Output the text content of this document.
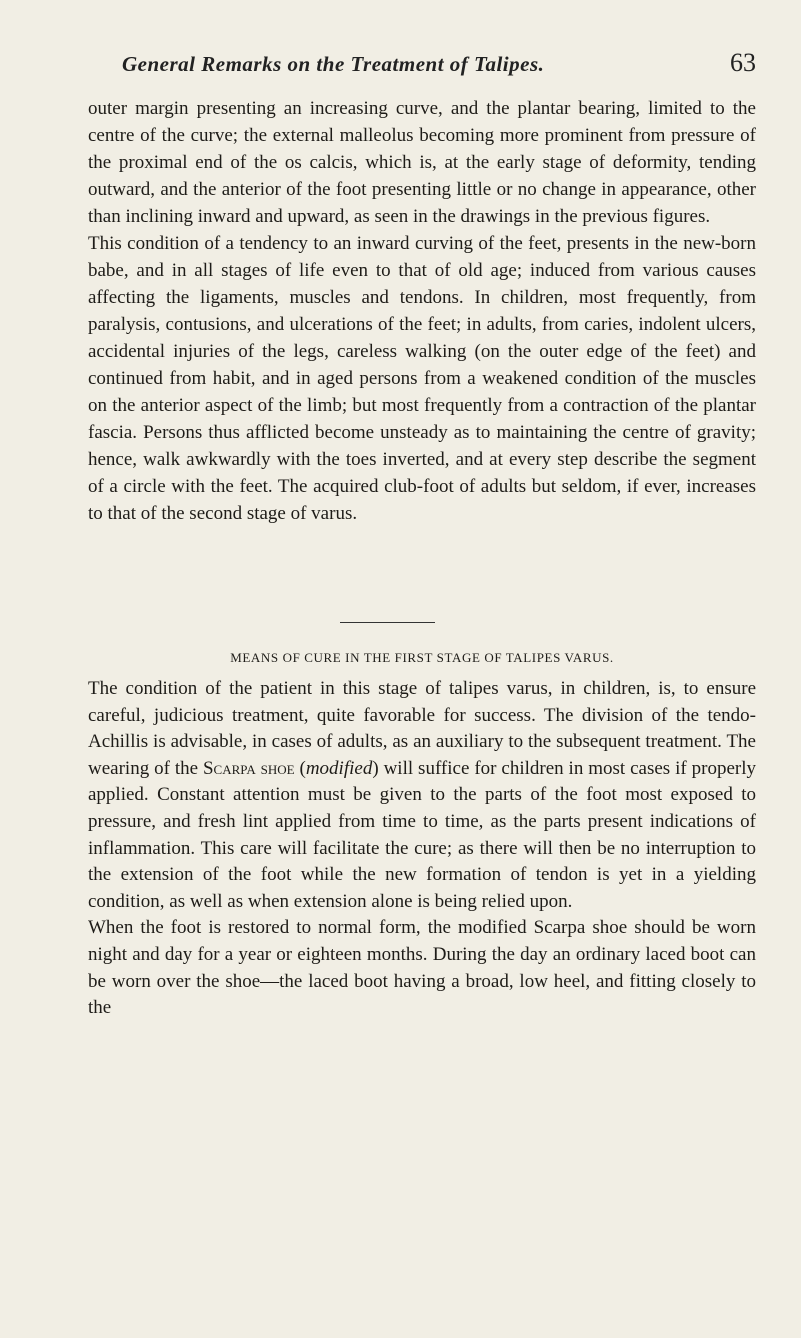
General Remarks on the Treatment of Talipes.	63

outer margin presenting an increasing curve, and the plantar bearing, limited to the centre of the curve; the external malleolus becoming more prominent from pressure of the proximal end of the os calcis, which is, at the early stage of deformity, tending outward, and the anterior of the foot presenting little or no change in appearance, other than inclining inward and upward, as seen in the drawings in the previous figures.

This condition of a tendency to an inward curving of the feet, presents in the new-born babe, and in all stages of life even to that of old age; induced from various causes affecting the ligaments, muscles and tendons. In children, most frequently, from paralysis, contusions, and ulcerations of the feet; in adults, from caries, indolent ulcers, accidental injuries of the legs, careless walking (on the outer edge of the feet) and continued from habit, and in aged persons from a weakened condition of the muscles on the anterior aspect of the limb; but most frequently from a contraction of the plantar fascia. Persons thus afflicted become unsteady as to maintaining the centre of gravity; hence, walk awkwardly with the toes inverted, and at every step describe the segment of a circle with the feet. The acquired club-foot of adults but seldom, if ever, increases to that of the second stage of varus.

MEANS OF CURE IN THE FIRST STAGE OF TALIPES VARUS.

The condition of the patient in this stage of talipes varus, in children, is, to ensure careful, judicious treatment, quite favorable for success. The division of the tendo-Achillis is advisable, in cases of adults, as an auxiliary to the subsequent treatment. The wearing of the Scarpa shoe (modified) will suffice for children in most cases if properly applied. Constant attention must be given to the parts of the foot most exposed to pressure, and fresh lint applied from time to time, as the parts present indications of inflammation. This care will facilitate the cure; as there will then be no interruption to the extension of the foot while the new formation of tendon is yet in a yielding condition, as well as when extension alone is being relied upon.

When the foot is restored to normal form, the modified Scarpa shoe should be worn night and day for a year or eighteen months. During the day an ordinary laced boot can be worn over the shoe—the laced boot having a broad, low heel, and fitting closely to the
